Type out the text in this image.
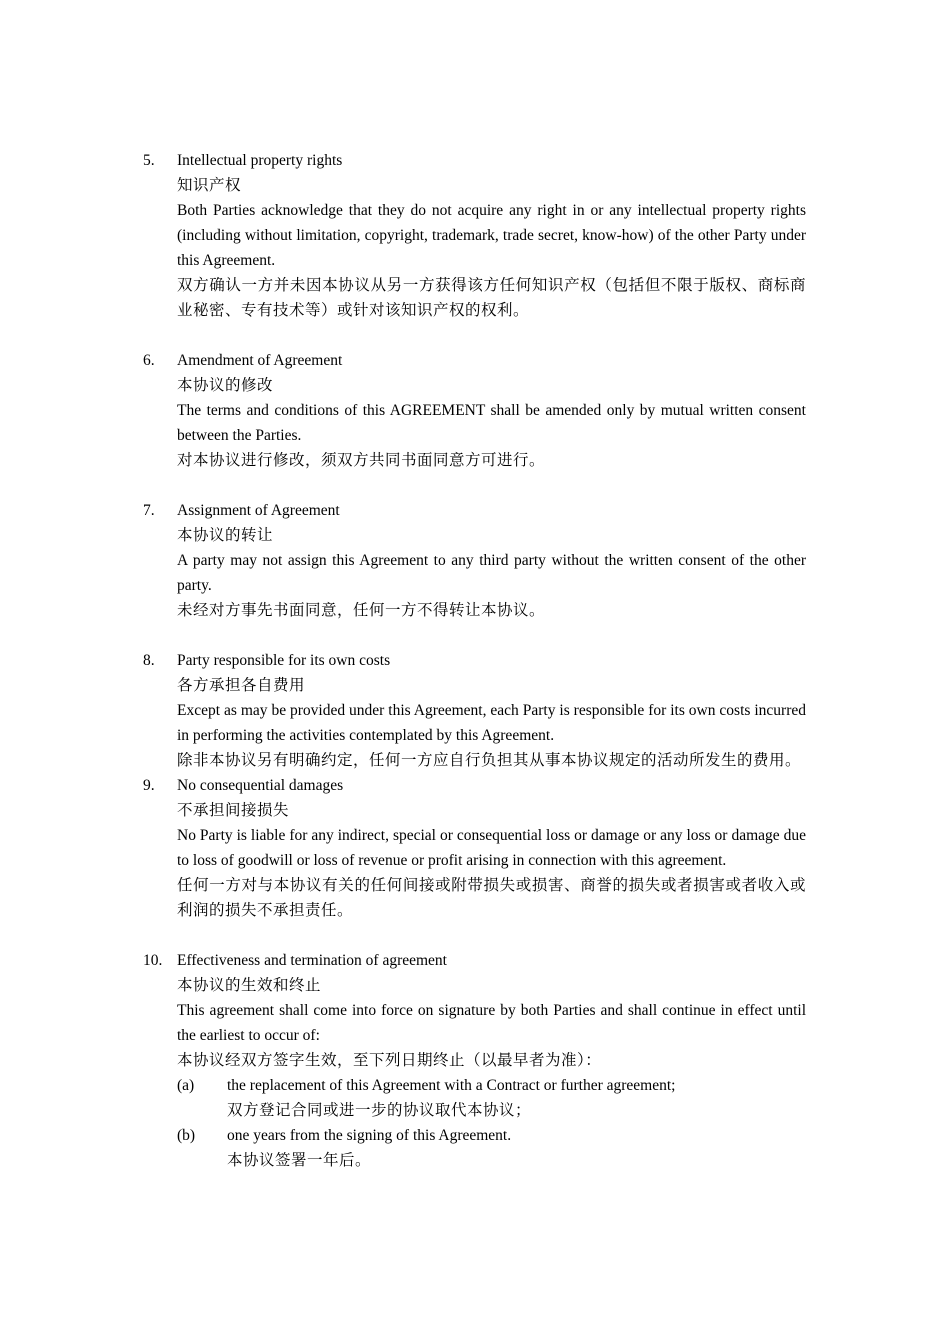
5. Intellectual property rights
知识产权
Both Parties acknowledge that they do not acquire any right in or any intellectual property rights (including without limitation, copyright, trademark, trade secret, know-how) of the other Party under this Agreement.
双方确认一方并未因本协议从另一方获得该方任何知识产权（包括但不限于版权、商标商业秘密、专有技术等）或针对该知识产权的权利。
6. Amendment of Agreement
本协议的修改
The terms and conditions of this AGREEMENT shall be amended only by mutual written consent between the Parties.
对本协议进行修改，须双方共同书面同意方可进行。
7. Assignment of Agreement
本协议的转让
A party may not assign this Agreement to any third party without the written consent of the other party.
未经对方事先书面同意，任何一方不得转让本协议。
8. Party responsible for its own costs
各方承担各自费用
Except as may be provided under this Agreement, each Party is responsible for its own costs incurred in performing the activities contemplated by this Agreement.
除非本协议另有明确约定，任何一方应自行负担其从事本协议规定的活动所发生的费用。
9. No consequential damages
不承担间接损失
No Party is liable for any indirect, special or consequential loss or damage or any loss or damage due to loss of goodwill or loss of revenue or profit arising in connection with this agreement.
任何一方对与本协议有关的任何间接或附带损失或损害、商誉的损失或者损害或者收入或利润的损失不承担责任。
10. Effectiveness and termination of agreement
本协议的生效和终止
This agreement shall come into force on signature by both Parties and shall continue in effect until the earliest to occur of:
本协议经双方签字生效，至下列日期终止（以最早者为准）：
(a) the replacement of this Agreement with a Contract or further agreement;
双方登记合同或进一步的协议取代本协议；
(b) one years from the signing of this Agreement.
本协议签署一年后。
